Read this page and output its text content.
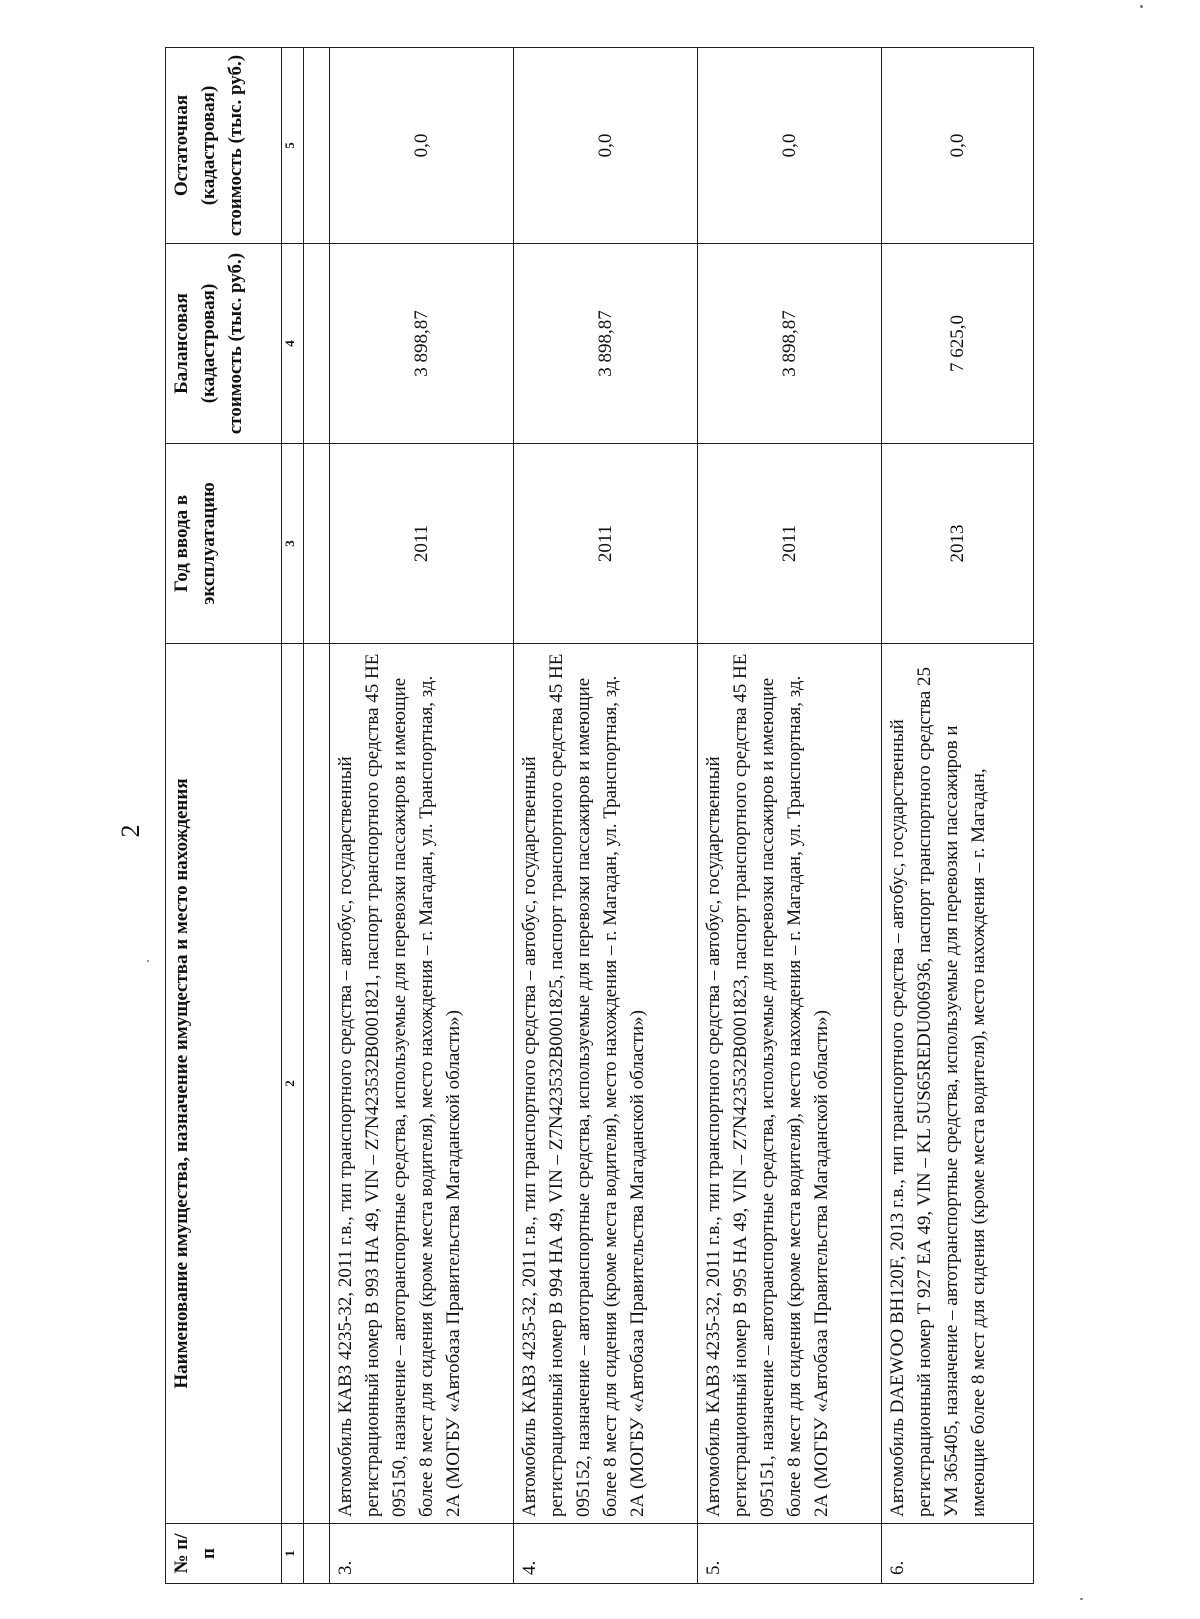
2
№ п/п	Наименование имущества, назначение имущества и место нахождения	Год ввода в эксплуатацию	Балансовая (кадастровая) стоимость (тыс. руб.)	Остаточная (кадастровая) стоимость (тыс. руб.)
1	2	3	4	5

3.	Автомобиль КАВЗ 4235-32, 2011 г.в., тип транспортного средства – автобус, государственный регистрационный номер В 993 НА 49, VIN – Z7N423532B0001821, паспорт транспортного средства 45 НЕ 095150, назначение – автотранспортные средства, используемые для перевозки пассажиров и имеющие более 8 мест для сидения (кроме места водителя), место нахождения – г. Магадан, ул. Транспортная, зд. 2А (МОГБУ «Автобаза Правительства Магаданской области»)	2011	3 898,87	0,0
4.	Автомобиль КАВЗ 4235-32, 2011 г.в., тип транспортного средства – автобус, государственный регистрационный номер В 994 НА 49, VIN – Z7N423532B0001825, паспорт транспортного средства 45 НЕ 095152, назначение – автотранспортные средства, используемые для перевозки пассажиров и имеющие более 8 мест для сидения (кроме места водителя), место нахождения – г. Магадан, ул. Транспортная, зд. 2А (МОГБУ «Автобаза Правительства Магаданской области»)	2011	3 898,87	0,0
5.	Автомобиль КАВЗ 4235-32, 2011 г.в., тип транспортного средства – автобус, государственный регистрационный номер В 995 НА 49, VIN – Z7N423532B0001823, паспорт транспортного средства 45 НЕ 095151, назначение – автотранспортные средства, используемые для перевозки пассажиров и имеющие более 8 мест для сидения (кроме места водителя), место нахождения – г. Магадан, ул. Транспортная, зд. 2А (МОГБУ «Автобаза Правительства Магаданской области»)	2011	3 898,87	0,0
6.	Автомобиль DAEWOO BH120F, 2013 г.в., тип транспортного средства – автобус, государственный регистрационный номер Т 927 ЕА 49, VIN – KL 5US65REDU006936, паспорт транспортного средства 25 УМ 365405, назначение – автотранспортные средства, используемые для перевозки пассажиров и имеющие более 8 мест для сидения (кроме места водителя), место нахождения – г. Магадан,	2013	7 625,0	0,0
